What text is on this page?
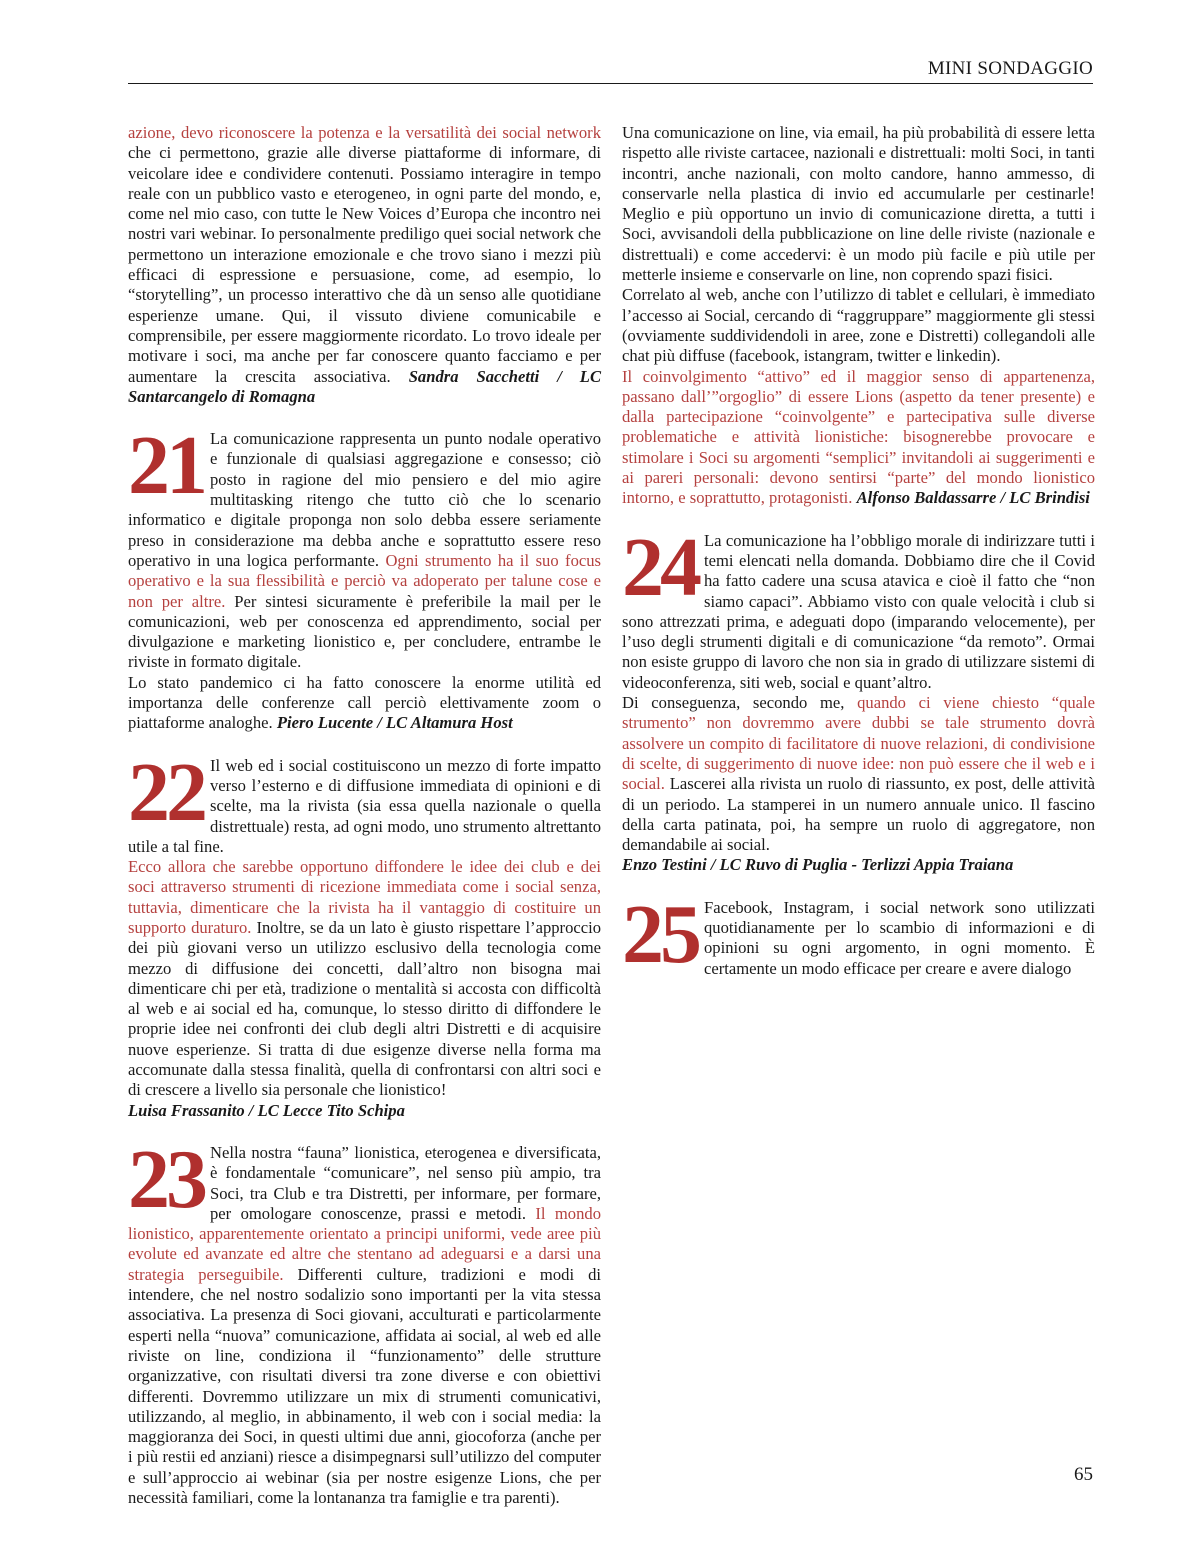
MINI SONDAGGIO

azione, devo riconoscere la potenza e la versatilità dei social network che ci permettono, grazie alle diverse piattaforme di informare, di veicolare idee e condividere contenuti. Possiamo interagire in tempo reale con un pubblico vasto e eterogeneo, in ogni parte del mondo, e, come nel mio caso, con tutte le New Voices d’Europa che incontro nei nostri vari webinar. Io personalmente prediligo quei social network che permettono un interazione emozionale e che trovo siano i mezzi più efficaci di espressione e persuasione, come, ad esempio, lo “storytelling”, un processo interattivo che dà un senso alle quotidiane esperienze umane. Qui, il vissuto diviene comunicabile e comprensibile, per essere maggiormente ricordato. Lo trovo ideale per motivare i soci, ma anche per far conoscere quanto facciamo e per aumentare la crescita associativa. Sandra Sacchetti / LC Santarcangelo di Romagna

21 La comunicazione rappresenta un punto nodale operativo e funzionale di qualsiasi aggregazione e consesso; ciò posto in ragione del mio pensiero e del mio agire multitasking ritengo che tutto ciò che lo scenario informatico e digitale proponga non solo debba essere seriamente preso in considerazione ma debba anche e soprattutto essere reso operativo in una logica performante. Ogni strumento ha il suo focus operativo e la sua flessibilità e perciò va adoperato per talune cose e non per altre. Per sintesi sicuramente è preferibile la mail per le comunicazioni, web per conoscenza ed apprendimento, social per divulgazione e marketing lionistico e, per concludere, entrambe le riviste in formato digitale.

Lo stato pandemico ci ha fatto conoscere la enorme utilità ed importanza delle conferenze call perciò elettivamente zoom o piattaforme analoghe. Piero Lucente / LC Altamura Host

22 Il web ed i social costituiscono un mezzo di forte impatto verso l’esterno e di diffusione immediata di opinioni e di scelte, ma la rivista (sia essa quella nazionale o quella distrettuale) resta, ad ogni modo, uno strumento altrettanto utile a tal fine.

Ecco allora che sarebbe opportuno diffondere le idee dei club e dei soci attraverso strumenti di ricezione immediata come i social senza, tuttavia, dimenticare che la rivista ha il vantaggio di costituire un supporto duraturo. Inoltre, se da un lato è giusto rispettare l’approccio dei più giovani verso un utilizzo esclusivo della tecnologia come mezzo di diffusione dei concetti, dall’altro non bisogna mai dimenticare chi per età, tradizione o mentalità si accosta con difficoltà al web e ai social ed ha, comunque, lo stesso diritto di diffondere le proprie idee nei confronti dei club degli altri Distretti e di acquisire nuove esperienze. Si tratta di due esigenze diverse nella forma ma accomunate dalla stessa finalità, quella di confrontarsi con altri soci e di crescere a livello sia personale che lionistico!
Luisa Frassanito / LC Lecce Tito Schipa

23 Nella nostra “fauna” lionistica, eterogenea e diversificata, è fondamentale “comunicare”, nel senso più ampio, tra Soci, tra Club e tra Distretti, per informare, per formare, per omologare conoscenze, prassi e metodi. Il mondo lionistico, apparentemente orientato a principi uniformi, vede aree più evolute ed avanzate ed altre che stentano ad adeguarsi e a darsi una strategia perseguibile. Differenti culture, tradizioni e modi di intendere, che nel nostro sodalizio sono importanti per la vita stessa associativa. La presenza di Soci giovani, acculturati e particolarmente esperti nella “nuova” comunicazione, affidata ai social, al web ed alle riviste on line, condiziona il “funzionamento” delle strutture organizzative, con risultati diversi tra zone diverse e con obiettivi differenti. Dovremmo utilizzare un mix di strumenti comunicativi, utilizzando, al meglio, in abbinamento, il web con i social media: la maggioranza dei Soci, in questi ultimi due anni, giocoforza (anche per i più restii ed anziani) riesce a disimpegnarsi sull’utilizzo del computer e sull’approccio ai webinar (sia per nostre esigenze Lions, che per necessità familiari, come la lontananza tra famiglie e tra parenti).

Una comunicazione on line, via email, ha più probabilità di essere letta rispetto alle riviste cartacee, nazionali e distrettuali: molti Soci, in tanti incontri, anche nazionali, con molto candore, hanno ammesso, di conservarle nella plastica di invio ed accumularle per cestinarle! Meglio e più opportuno un invio di comunicazione diretta, a tutti i Soci, avvisandoli della pubblicazione on line delle riviste (nazionale e distrettuali) e come accedervi: è un modo più facile e più utile per metterle insieme e conservarle on line, non coprendo spazi fisici.

Correlato al web, anche con l’utilizzo di tablet e cellulari, è immediato l’accesso ai Social, cercando di “raggruppare” maggiormente gli stessi (ovviamente suddividendoli in aree, zone e Distretti) collegandoli alle chat più diffuse (facebook, istangram, twitter e linkedin).

Il coinvolgimento “attivo” ed il maggior senso di appartenenza, passano dall’”orgoglio” di essere Lions (aspetto da tener presente) e dalla partecipazione “coinvolgente” e partecipativa sulle diverse problematiche e attività lionistiche: bisognerebbe provocare e stimolare i Soci su argomenti “semplici” invitandoli ai suggerimenti e ai pareri personali: devono sentirsi “parte” del mondo lionistico intorno, e soprattutto, protagonisti. Alfonso Baldassarre / LC Brindisi

24 La comunicazione ha l’obbligo morale di indirizzare tutti i temi elencati nella domanda. Dobbiamo dire che il Covid ha fatto cadere una scusa atavica e cioè il fatto che “non siamo capaci”. Abbiamo visto con quale velocità i club si sono attrezzati prima, e adeguati dopo (imparando velocemente), per l’uso degli strumenti digitali e di comunicazione “da remoto”. Ormai non esiste gruppo di lavoro che non sia in grado di utilizzare sistemi di videoconferenza, siti web, social e quant’altro.

Di conseguenza, secondo me, quando ci viene chiesto “quale strumento” non dovremmo avere dubbi se tale strumento dovrà assolvere un compito di facilitatore di nuove relazioni, di condivisione di scelte, di suggerimento di nuove idee: non può essere che il web e i social. Lascerei alla rivista un ruolo di riassunto, ex post, delle attività di un periodo. La stamperei in un numero annuale unico. Il fascino della carta patinata, poi, ha sempre un ruolo di aggregatore, non demandabile ai social.
Enzo Testini / LC Ruvo di Puglia - Terlizzi Appia Traiana

25 Facebook, Instagram, i social network sono utilizzati quotidianamente per lo scambio di informazioni e di opinioni su ogni argomento, in ogni momento. È certamente un modo efficace per creare e avere dialogo

65
